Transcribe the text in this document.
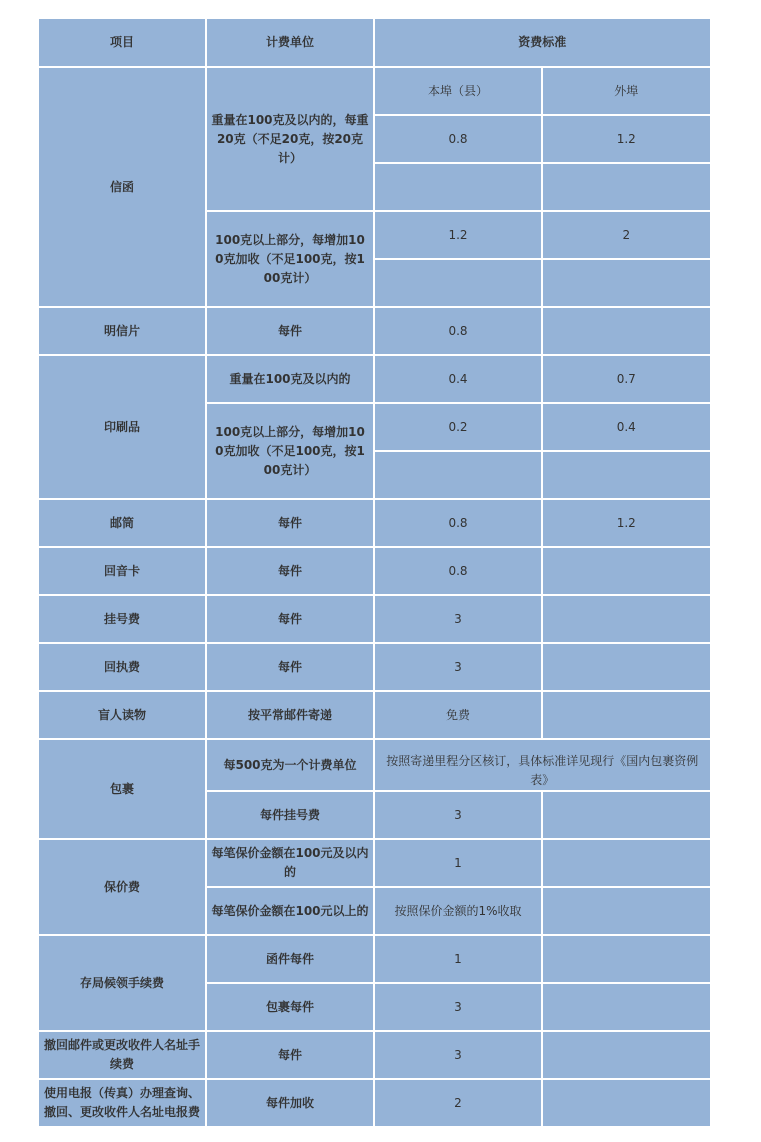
项目	计费单位	资费标准	
信函	重量在100克及以内的，每重20克（不足20克，按20克计）	本埠（县）	外埠
		0.8	1.2

	100克以上部分，每增加100克加收（不足100克，按100克计）	1.2	2

明信片	每件	0.8	
印刷品	重量在100克及以内的	0.4	0.7
	100克以上部分，每增加100克加收（不足100克，按100克计）	0.2	0.4

邮筒	每件	0.8	1.2
回音卡	每件	0.8	
挂号费	每件	3	
回执费	每件	3	
盲人读物	按平常邮件寄递	免费	
包裹	每500克为一个计费单位	按照寄递里程分区核订，具体标准详见现行《国内包裹资例表》	
	每件挂号费	3	
保价费	每笔保价金额在100元及以内的	1	
	每笔保价金额在100元以上的	按照保价金额的1%收取	
存局候领手续费	函件每件	1	
	包裹每件	3	
撤回邮件或更改收件人名址手续费	每件	3	
使用电报（传真）办理查询、撤回、更改收件人名址电报费	每件加收	2	
